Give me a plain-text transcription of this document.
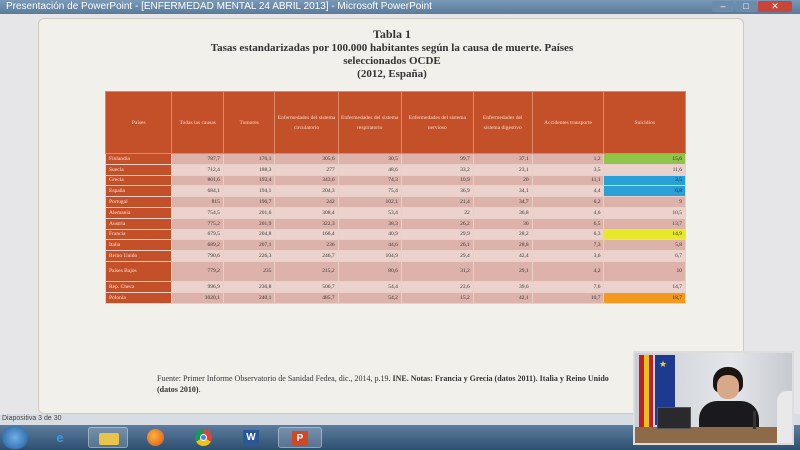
Presentación de PowerPoint - [ENFERMEDAD MENTAL 24 ABRIL 2013] - Microsoft PowerPoint	‒	□	✕
Tabla 1
Tasas estandarizadas por 100.000 habitantes según la causa de muerte. Países
seleccionados OCDE
(2012, España)
Países	Todas las causas	Tumores	Enfermedades del sistema circulatorio	Enfermedades del sistema respiratorio	Enfermedades del sistema nervioso	Enfermedades del sistema digestivo	Accidentes transporte	Suicidios
Finlandia	787,7	176,1	305,6	30,5	99,7	37,1	1,2	15,6
Suecia	712,4	188,3	277	48,6	33,2	23,1	3,5	11,6
Grecia	801,6	193,4	343,6	74,3	10,9	20	11,1	3,5
España	684,1	194,1	204,3	75,4	36,9	34,1	4,4	6,8
Portugal	815	196,7	242	102,1	21,4	34,7	6,2	9
Alemania	754,5	201,6	308,4	53,4	22	36,8	4,6	10,5
Austria	775,2	201,9	322,3	38,3	26,2	30	6,5	13,7
Francia	679,5	204,8	166,4	40,9	29,9	28,2	6,3	14,9
Italia	689,2	207,1	236	44,6	26,1	28,8	7,3	5,8
Reino Unido	790,6	226,3	246,7	104,9	29,4	42,4	3,6	6,7
Países Bajos	779,2	235	215,2	80,6	31,2	29,1	4,2	10
Rep. Checa	996,9	236,8	506,7	54,4	23,6	39,6	7,6	14,7
Polonia	1020,1	240,1	485,7	54,2	15,2	42,1	10,7	18,7
Fuente: Primer Informe Observatorio de Sanidad Fedea, dic., 2014, p.19. INE. Notas: Francia y Grecia (datos 2011). Italia y Reino Unido (datos 2010).
Diapositiva 3 de 30
e	W	P
★
